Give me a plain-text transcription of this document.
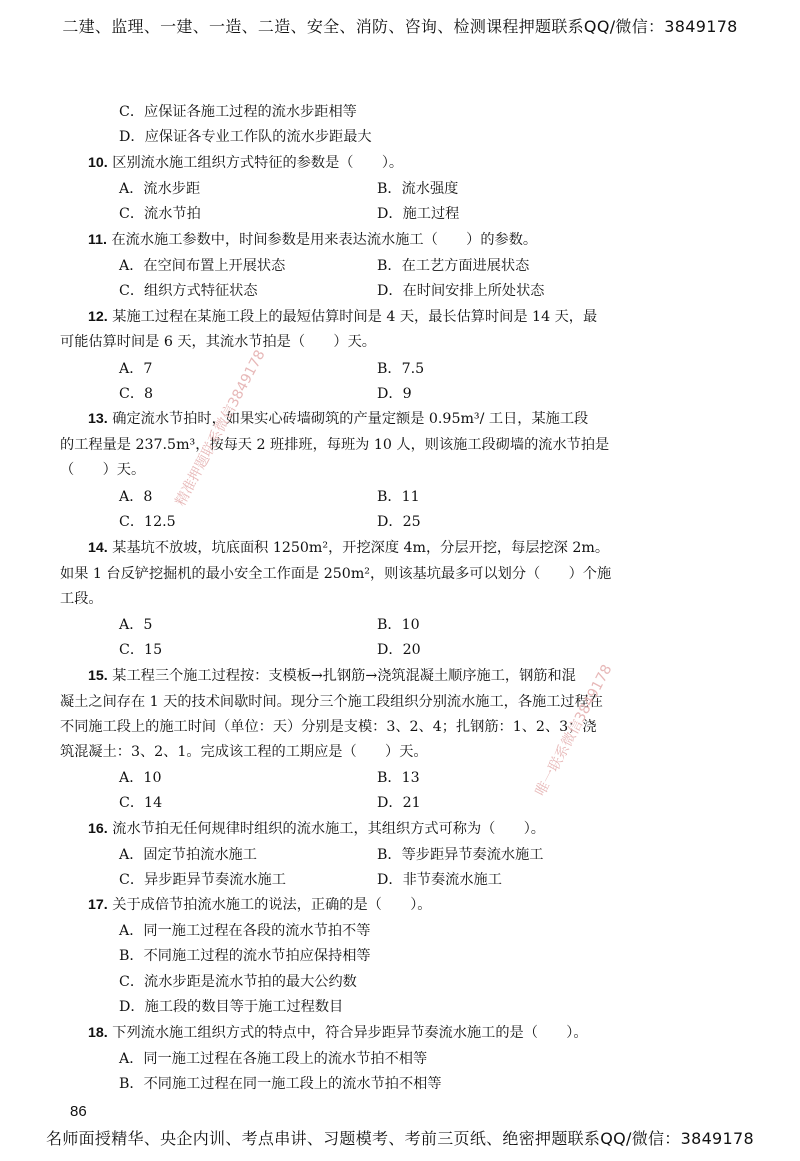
二建、监理、一建、一造、二造、安全、消防、咨询、检测课程押题联系QQ/微信：3849178
C．应保证各施工过程的流水步距相等
D．应保证各专业工作队的流水步距最大
10. 区别流水施工组织方式特征的参数是（　　）。
A．流水步距	B．流水强度
C．流水节拍	D．施工过程
11. 在流水施工参数中，时间参数是用来表达流水施工（　　）的参数。
A．在空间布置上开展状态	B．在工艺方面进展状态
C．组织方式特征状态	D．在时间安排上所处状态
12. 某施工过程在某施工段上的最短估算时间是 4 天，最长估算时间是 14 天，最
可能估算时间是 6 天，其流水节拍是（　　）天。
A．7	B．7.5
C．8	D．9
13. 确定流水节拍时，如果实心砖墙砌筑的产量定额是 0.95m³/ 工日，某施工段
的工程量是 237.5m³，按每天 2 班排班，每班为 10 人，则该施工段砌墙的流水节拍是
（　　）天。
A．8	B．11
C．12.5	D．25
14. 某基坑不放坡，坑底面积 1250m²，开挖深度 4m，分层开挖，每层挖深 2m。
如果 1 台反铲挖掘机的最小安全工作面是 250m²，则该基坑最多可以划分（　　）个施
工段。
A．5	B．10
C．15	D．20
15. 某工程三个施工过程按：支模板→扎钢筋→浇筑混凝土顺序施工，钢筋和混
凝土之间存在 1 天的技术间歇时间。现分三个施工段组织分别流水施工，各施工过程在
不同施工段上的施工时间（单位：天）分别是支模：3、2、4；扎钢筋：1、2、3；浇
筑混凝土：3、2、1。完成该工程的工期应是（　　）天。
A．10	B．13
C．14	D．21
16. 流水节拍无任何规律时组织的流水施工，其组织方式可称为（　　）。
A．固定节拍流水施工	B．等步距异节奏流水施工
C．异步距异节奏流水施工	D．非节奏流水施工
17. 关于成倍节拍流水施工的说法，正确的是（　　）。
A．同一施工过程在各段的流水节拍不等
B．不同施工过程的流水节拍应保持相等
C．流水步距是流水节拍的最大公约数
D．施工段的数目等于施工过程数目
18. 下列流水施工组织方式的特点中，符合异步距异节奏流水施工的是（　　）。
A．同一施工过程在各施工段上的流水节拍不相等
B．不同施工过程在同一施工段上的流水节拍不相等
精准押题联系微信3849178
唯一联系微信3849178
86
名师面授精华、央企内训、考点串讲、习题模考、考前三页纸、绝密押题联系QQ/微信：3849178
